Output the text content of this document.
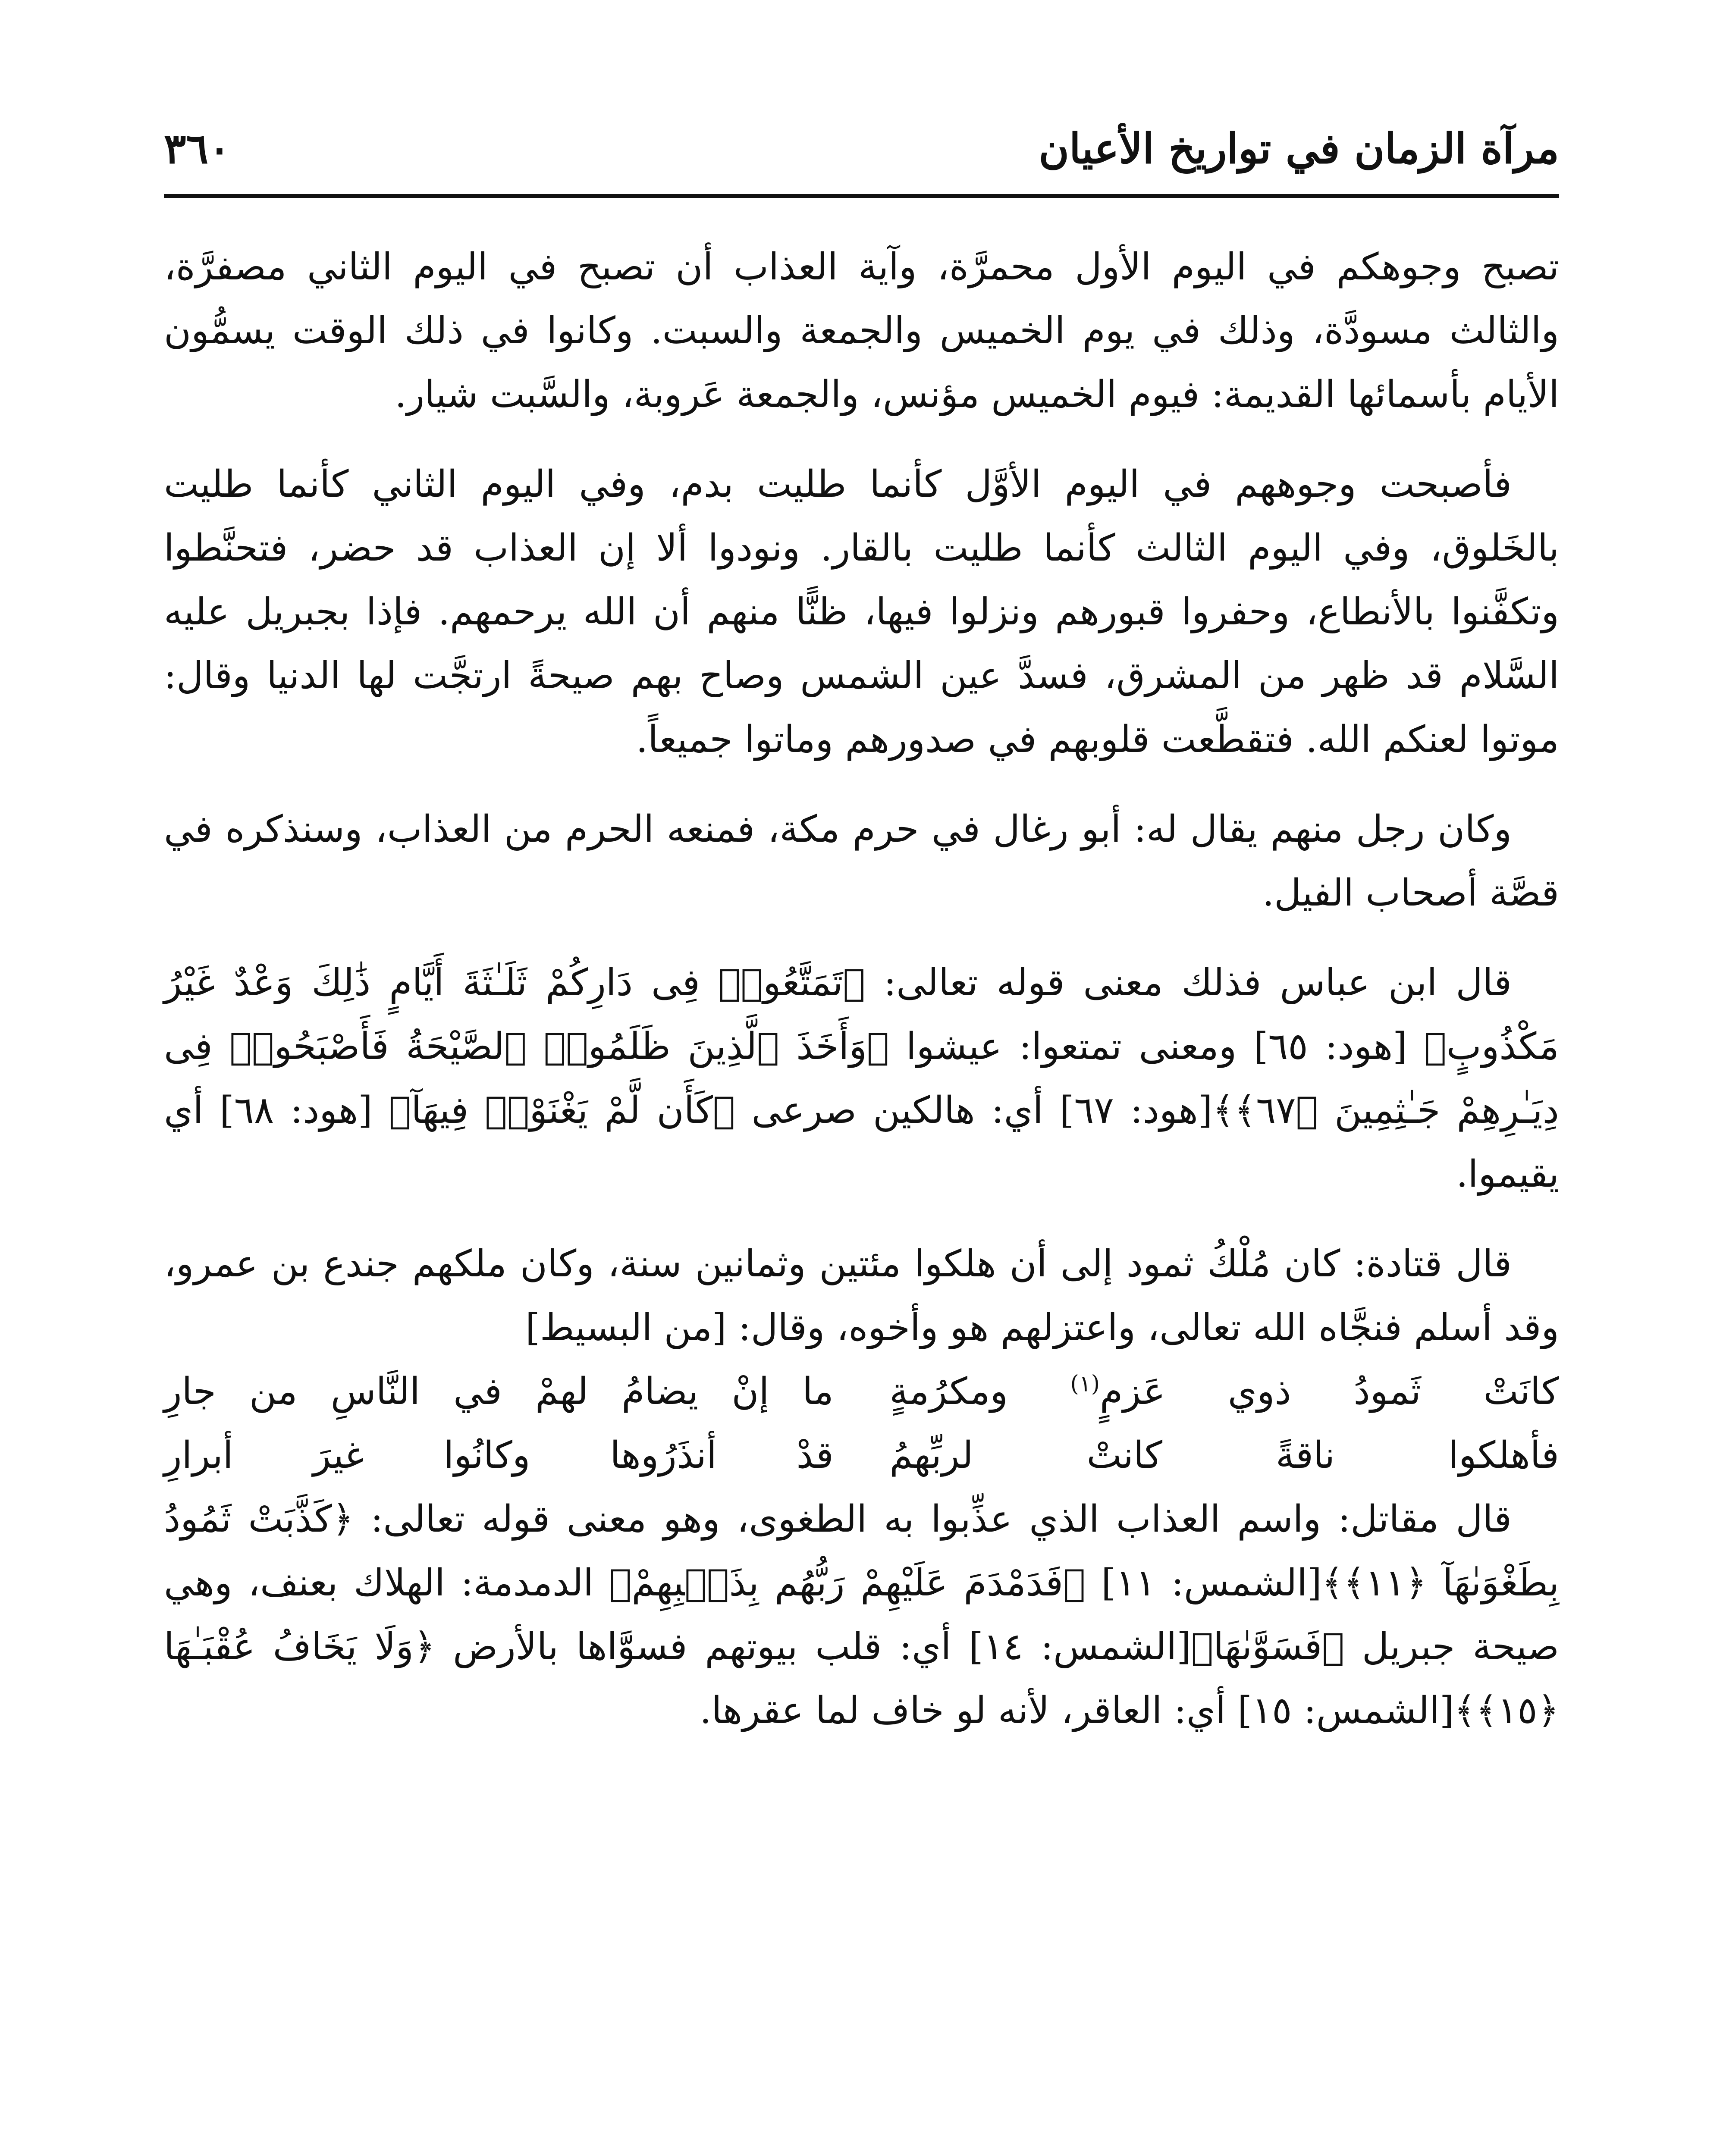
مرآة الزمان في تواريخ الأعيان
٣٦٠

تصبح وجوهكم في اليوم الأول محمرَّة، وآية العذاب أن تصبح في اليوم الثاني مصفرَّة، والثالث مسودَّة، وذلك في يوم الخميس والجمعة والسبت. وكانوا في ذلك الوقت يسمُّون الأيام بأسمائها القديمة: فيوم الخميس مؤنس، والجمعة عَروبة، والسَّبت شيار.

فأصبحت وجوههم في اليوم الأوَّل كأنما طليت بدم، وفي اليوم الثاني كأنما طليت بالخَلوق، وفي اليوم الثالث كأنما طليت بالقار. ونودوا ألا إن العذاب قد حضر، فتحنَّطوا وتكفَّنوا بالأنطاع، وحفروا قبورهم ونزلوا فيها، ظنًّا منهم أن الله يرحمهم. فإذا بجبريل عليه السَّلام قد ظهر من المشرق، فسدَّ عين الشمس وصاح بهم صيحةً ارتجَّت لها الدنيا وقال: موتوا لعنكم الله. فتقطَّعت قلوبهم في صدورهم وماتوا جميعاً.

وكان رجل منهم يقال له: أبو رغال في حرم مكة، فمنعه الحرم من العذاب، وسنذكره في قصَّة أصحاب الفيل.

قال ابن عباس فذلك معنى قوله تعالى: ﴿تَمَتَّعُوا۟ فِى دَارِكُمْ ثَلَـٰثَةَ أَيَّامٍ ذَٰلِكَ وَعْدٌ غَيْرُ مَكْذُوبٍ﴾ [هود: ٦٥] ومعنى تمتعوا: عيشوا ﴿وَأَخَذَ ٱلَّذِينَ ظَلَمُوا۟ ٱلصَّيْحَةُ فَأَصْبَحُوا۟ فِى دِيَـٰرِهِمْ جَـٰثِمِينَ ﴿٦٧﴾﴾[هود: ٦٧] أي: هالكين صرعى ﴿كَأَن لَّمْ يَغْنَوْا۟ فِيهَآ﴾ [هود: ٦٨] أي يقيموا.

قال قتادة: كان مُلْكُ ثمود إلى أن هلكوا مئتين وثمانين سنة، وكان ملكهم جندع بن عمرو، وقد أسلم فنجَّاه الله تعالى، واعتزلهم هو وأخوه، وقال: [من البسيط]

كانَتْ ثَمودُ ذوي عَزمٍ$^{(١)}$ ومكرُمةٍ
ما إنْ يضامُ لهمْ في النَّاسِ من جارِ
فأهلكوا ناقةً كانتْ لربِّهمُ
قدْ أنذَرُوها وكانُوا غيرَ أبرارِ

قال مقاتل: واسم العذاب الذي عذِّبوا به الطغوى، وهو معنى قوله تعالى: ﴿كَذَّبَتْ ثَمُودُ بِطَغْوَىٰهَآ ﴿١١﴾﴾[الشمس: ١١] ﴿فَدَمْدَمَ عَلَيْهِمْ رَبُّهُم بِذَنۢبِهِمْ﴾ الدمدمة: الهلاك بعنف، وهي صيحة جبريل ﴿فَسَوَّىٰهَا﴾[الشمس: ١٤] أي: قلب بيوتهم فسوَّاها بالأرض ﴿وَلَا يَخَافُ عُقْبَـٰهَا ﴿١٥﴾﴾[الشمس: ١٥] أي: العاقر، لأنه لو خاف لما عقرها.
